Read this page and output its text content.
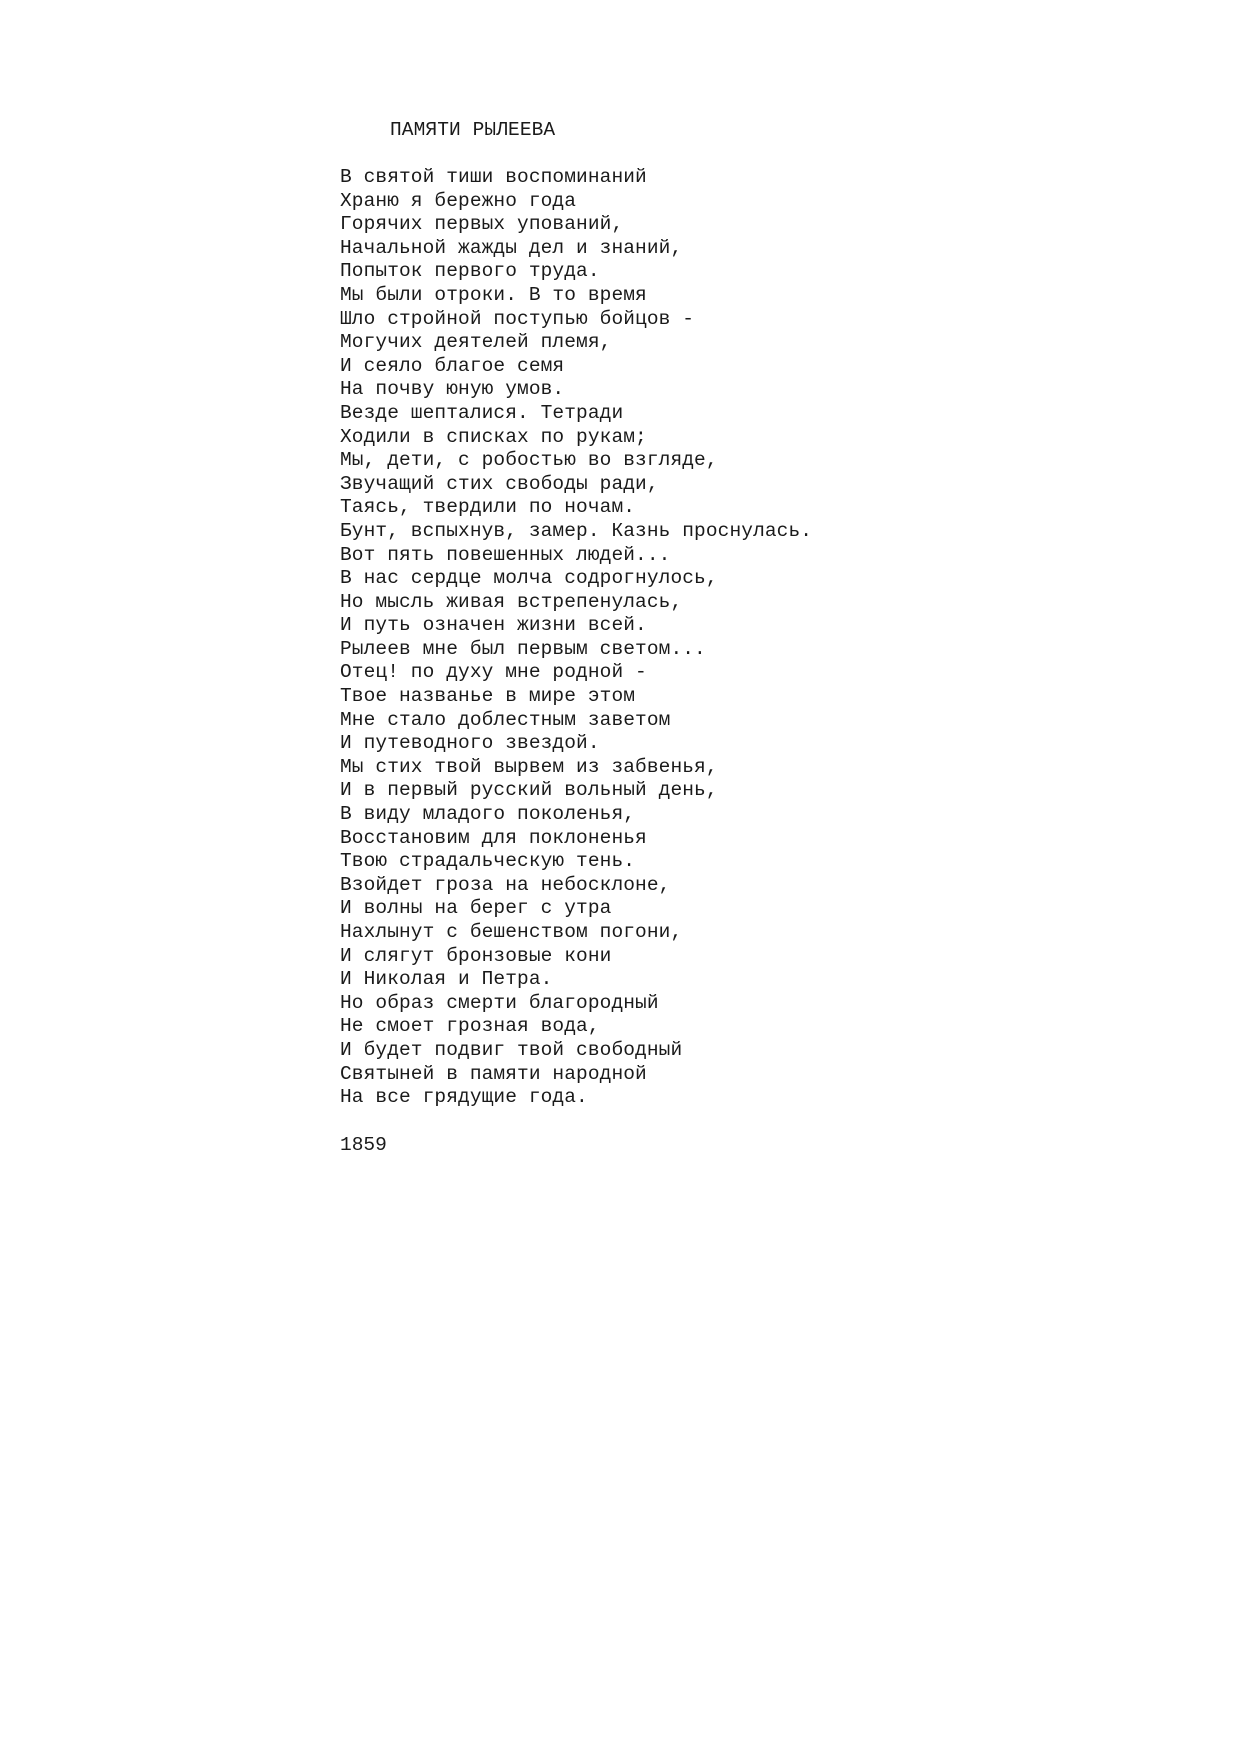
ПАМЯТИ РЫЛЕЕВА
В святой тиши воспоминаний
Храню я бережно года
Горячих первых упований,
Начальной жажды дел и знаний,
Попыток первого труда.
Мы были отроки. В то время
Шло стройной поступью бойцов -
Могучих деятелей племя,
И сеяло благое семя
На почву юную умов.
Везде шепталися. Тетради
Ходили в списках по рукам;
Мы, дети, с робостью во взгляде,
Звучащий стих свободы ради,
Таясь, твердили по ночам.
Бунт, вспыхнув, замер. Казнь проснулась.
Вот пять повешенных людей...
В нас сердце молча содрогнулось,
Но мысль живая встрепенулась,
И путь означен жизни всей.
Рылеев мне был первым светом...
Отец! по духу мне родной -
Твое названье в мире этом
Мне стало доблестным заветом
И путеводного звездой.
Мы стих твой вырвем из забвенья,
И в первый русский вольный день,
В виду младого поколенья,
Восстановим для поклоненья
Твою страдальческую тень.
Взойдет гроза на небосклоне,
И волны на берег с утра
Нахлынут с бешенством погони,
И слягут бронзовые кони
И Николая и Петра.
Но образ смерти благородный
Не смоет грозная вода,
И будет подвиг твой свободный
Святыней в памяти народной
На все грядущие года.
1859
